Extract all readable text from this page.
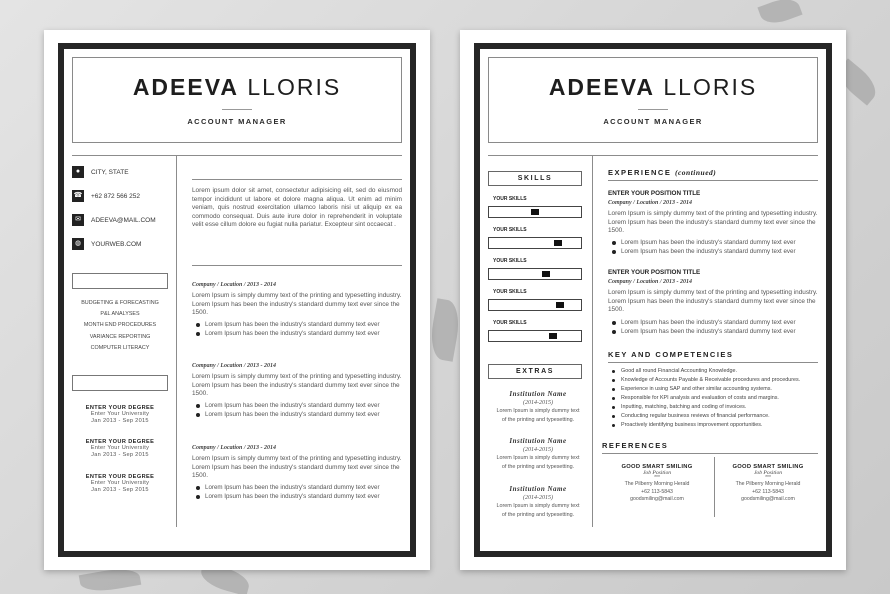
ADEEVA LLORIS
ACCOUNT MANAGER
●	CITY, STATE
☎ +62 872 566 252
✉	ADEEVA@MAIL.COM
◍	YOURWEB.COM
BUDGETING & FORECASTING
P&L ANALYSES
MONTH END PROCEDURES
VARIANCE REPORTING
COMPUTER LITERACY
ENTER YOUR DEGREE
Enter Your University
Jan 2013 - Sep 2015
ENTER YOUR DEGREE
Enter Your University
Jan 2013 - Sep 2015
ENTER YOUR DEGREE
Enter Your University
Jan 2013 - Sep 2015
Lorem ipsum dolor sit amet, consectetur adipisicing elit, sed do eiusmod tempor incididunt ut labore et dolore magna aliqua. Ut enim ad minim veniam, quis nostrud exercitation ullamco laboris nisi ut aliquip ex ea commodo consequat. Duis aute irure dolor in reprehenderit in voluptate velit esse cillum dolore eu fugiat nulla pariatur. Excepteur sint occaecat .
Company / Location / 2013 - 2014
Lorem Ipsum is simply dummy text of the printing and typesetting industry. Lorem Ipsum has been the industry's standard dummy text ever since the 1500.
Lorem Ipsum has been the industry's standard dummy text ever
Lorem Ipsum has been the industry's standard dummy text ever
Company / Location / 2013 - 2014
Lorem Ipsum is simply dummy text of the printing and typesetting industry. Lorem Ipsum has been the industry's standard dummy text ever since the 1500.
Lorem Ipsum has been the industry's standard dummy text ever
Lorem Ipsum has been the industry's standard dummy text ever
Company / Location / 2013 - 2014
Lorem Ipsum is simply dummy text of the printing and typesetting industry. Lorem Ipsum has been the industry's standard dummy text ever since the 1500.
Lorem Ipsum has been the industry's standard dummy text ever
Lorem Ipsum has been the industry's standard dummy text ever
ADEEVA LLORIS
ACCOUNT MANAGER
SKILLS
YOUR SKILLS
YOUR SKILLS
YOUR SKILLS
YOUR SKILLS
YOUR SKILLS
EXTRAS
Institution Name
(2014-2015)
Lorem Ipsum is simply dummy text
of the printing and typesetting.
Institution Name
(2014-2015)
Lorem Ipsum is simply dummy text
of the printing and typesetting.
Institution Name
(2014-2015)
Lorem Ipsum is simply dummy text
of the printing and typesetting.
EXPERIENCE (continued)
ENTER YOUR POSITION TITLE
Company / Location / 2013 - 2014
Lorem Ipsum is simply dummy text of the printing and typesetting industry. Lorem Ipsum has been the industry's standard dummy text ever since the 1500.
Lorem Ipsum has been the industry's standard dummy text ever
Lorem Ipsum has been the industry's standard dummy text ever
ENTER YOUR POSITION TITLE
Company / Location / 2013 - 2014
Lorem Ipsum is simply dummy text of the printing and typesetting industry. Lorem Ipsum has been the industry's standard dummy text ever since the 1500.
Lorem Ipsum has been the industry's standard dummy text ever
Lorem Ipsum has been the industry's standard dummy text ever
KEY AND COMPETENCIES
Good all round Financial Accounting Knowledge.
Knowledge of Accounts Payable & Receivable procedures and procedures.
Experience in using SAP and other similar accounting systems.
Responsible for KPI analysis and evaluation of costs and margins.
Inputting, matching, batching and coding of invoices.
Conducting regular business reviews of financial performance.
Proactively identifying business improvement opportunities.
REFERENCES
GOOD SMART SMILING
Job Position
***
The Pilberry Morning Herald
+62 113-5843
goodsmiling@mail.com
GOOD SMART SMILING
Job Position
***
The Pilberry Morning Herald
+62 113-5843
goodsmiling@mail.com
